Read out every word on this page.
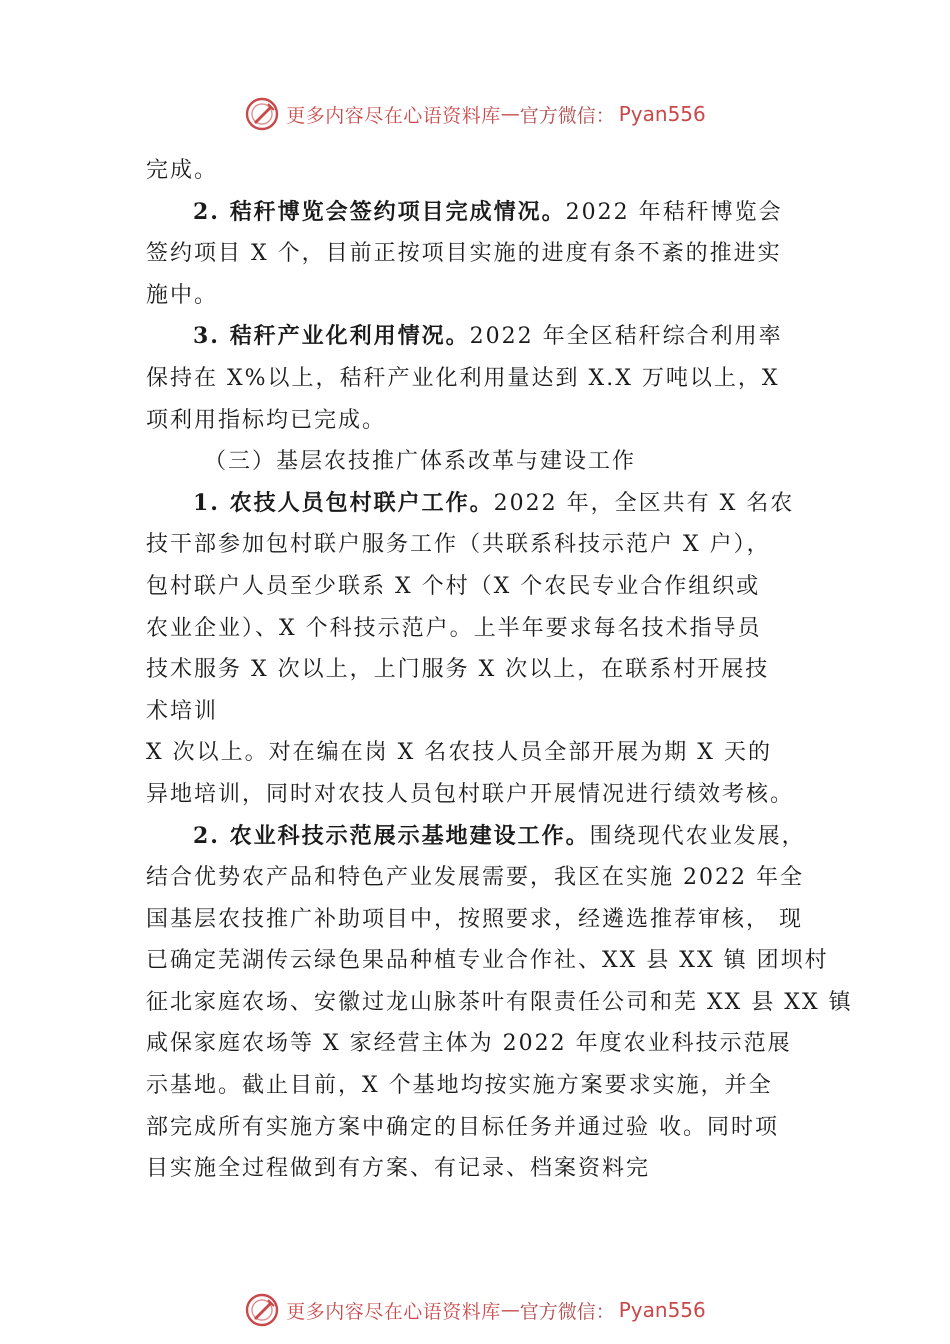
更多内容尽在心语资料库 — 官方微信： Pyan556
完成。
2. 秸秆博览会签约项目完成情况。2022 年秸秆博览会
签约项目 X 个，目前正按项目实施的进度有条不紊的推进实
施中。
3. 秸秆产业化利用情况。2022 年全区秸秆综合利用率
保持在 X%以上，秸秆产业化利用量达到 X.X 万吨以上，X
项利用指标均已完成。
（三）基层农技推广体系改革与建设工作
1. 农技人员包村联户工作。2022 年，全区共有 X 名农
技干部参加包村联户服务工作（共联系科技示范户 X 户），
包村联户人员至少联系 X 个村（X 个农民专业合作组织或
农业企业）、X 个科技示范户。上半年要求每名技术指导员
技术服务 X 次以上，上门服务 X 次以上，在联系村开展技
术培训
X 次以上。对在编在岗 X 名农技人员全部开展为期 X 天的
异地培训，同时对农技人员包村联户开展情况进行绩效考核。
2. 农业科技示范展示基地建设工作。围绕现代农业发展，
结合优势农产品和特色产业发展需要，我区在实施 2022 年全
国基层农技推广补助项目中，按照要求，经遴选推荐审核， 现
已确定芜湖传云绿色果品种植专业合作社、XX 县 XX 镇 团坝村
征北家庭农场、安徽过龙山脉茶叶有限责任公司和芜 XX 县 XX 镇
咸保家庭农场等 X 家经营主体为 2022 年度农业科技示范展
示基地。截止目前，X 个基地均按实施方案要求实施，并全
部完成所有实施方案中确定的目标任务并通过验 收。同时项
目实施全过程做到有方案、有记录、档案资料完
更多内容尽在心语资料库 — 官方微信： Pyan556
